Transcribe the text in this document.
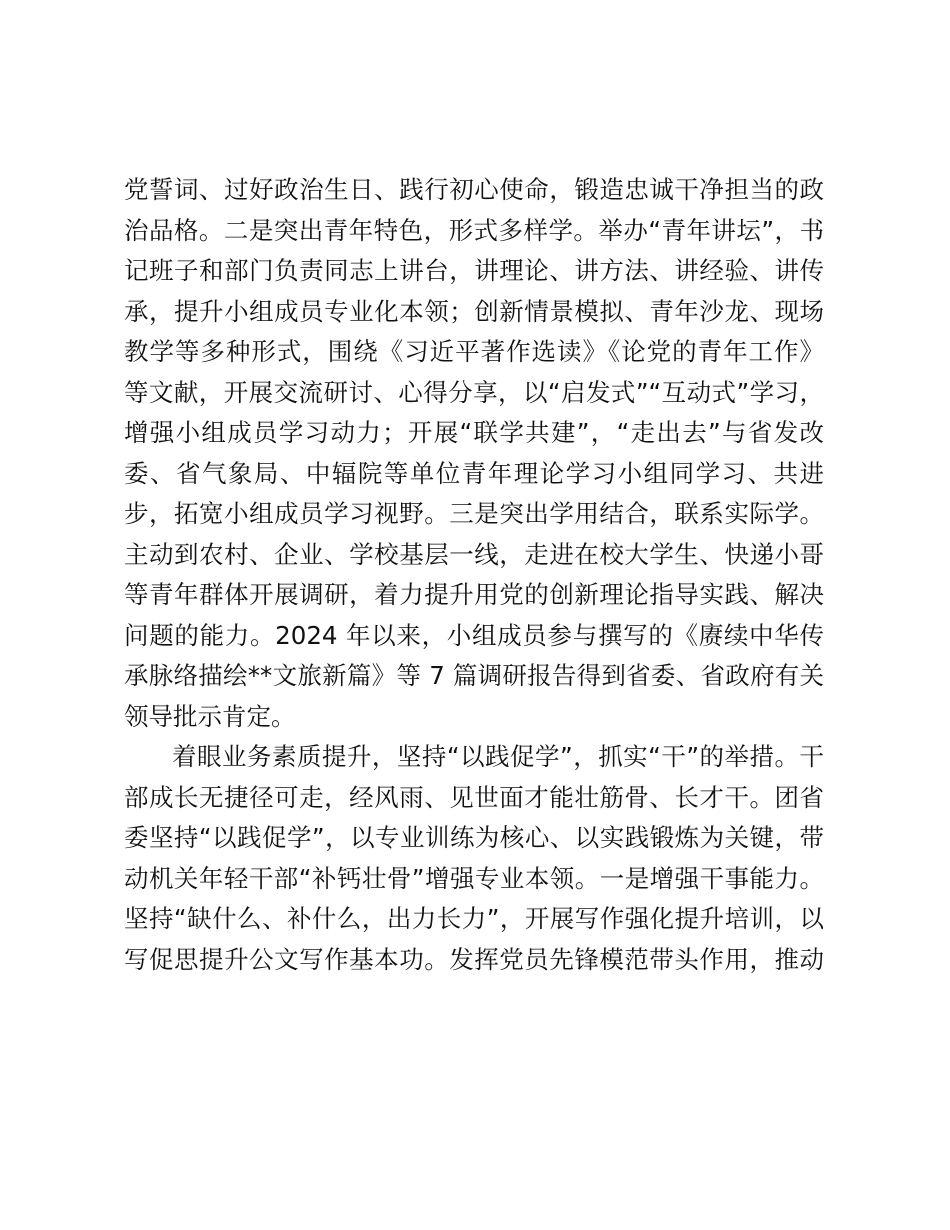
党誓词、过好政治生日、践行初心使命，锻造忠诚干净担当的政
治品格。二是突出青年特色，形式多样学。举办“青年讲坛”，书
记班子和部门负责同志上讲台，讲理论、讲方法、讲经验、讲传
承，提升小组成员专业化本领；创新情景模拟、青年沙龙、现场
教学等多种形式，围绕《习近平著作选读》《论党的青年工作》
等文献，开展交流研讨、心得分享，以“启发式”“互动式”学习，
增强小组成员学习动力；开展“联学共建”，“走出去”与省发改
委、省气象局、中辐院等单位青年理论学习小组同学习、共进
步，拓宽小组成员学习视野。三是突出学用结合，联系实际学。
主动到农村、企业、学校基层一线，走进在校大学生、快递小哥
等青年群体开展调研，着力提升用党的创新理论指导实践、解决
问题的能力。2024 年以来，小组成员参与撰写的《赓续中华传
承脉络描绘**文旅新篇》等 7 篇调研报告得到省委、省政府有关
领导批示肯定。
着眼业务素质提升，坚持“以践促学”，抓实“干”的举措。干
部成长无捷径可走，经风雨、见世面才能壮筋骨、长才干。团省
委坚持“以践促学”，以专业训练为核心、以实践锻炼为关键，带
动机关年轻干部“补钙壮骨”增强专业本领。一是增强干事能力。
坚持“缺什么、补什么，出力长力”，开展写作强化提升培训，以
写促思提升公文写作基本功。发挥党员先锋模范带头作用，推动
